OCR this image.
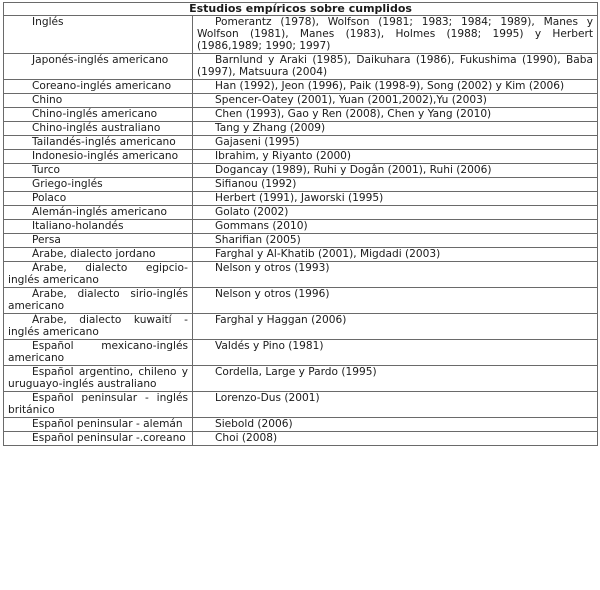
Estudios empíricos sobre cumplidos	
Inglés	Pomerantz (1978), Wolfson (1981; 1983; 1984; 1989), Manes y Wolfson (1981), Manes (1983), Holmes (1988; 1995) y Herbert (1986,1989; 1990; 1997)
Japonés-inglés americano	Barnlund y Araki (1985), Daikuhara (1986), Fukushima (1990), Baba (1997), Matsuura (2004)
Coreano-inglés americano	Han (1992), Jeon (1996), Paik (1998-9), Song (2002) y Kim (2006)
Chino	Spencer-Oatey (2001), Yuan (2001,2002),Yu (2003)
Chino-inglés americano	Chen (1993), Gao y Ren (2008), Chen y Yang (2010)
Chino-inglés australiano	Tang y Zhang (2009)
Tailandés-inglés americano	Gajaseni (1995)
Indonesio-inglés americano	Ibrahim, y Riyanto (2000)
Turco	Dogancay (1989), Ruhi y Dogân (2001), Ruhi (2006)
Griego-inglés	Sifianou (1992)
Polaco	Herbert (1991), Jaworski (1995)
Alemán-inglés americano	Golato (2002)
Italiano-holandés	Gommans (2010)
Persa	Sharifian (2005)
Árabe, dialecto jordano	Farghal y Al-Khatib (2001), Migdadi (2003)
Árabe, dialecto egipcio-inglés americano	Nelson y otros (1993)
Árabe, dialecto sirio-inglés americano	Nelson y otros (1996)
Árabe, dialecto kuwaití -inglés americano	Farghal y Haggan (2006)
Español mexicano-inglés americano	Valdés y Pino (1981)
Español argentino, chileno y uruguayo-inglés australiano	Cordella, Large y Pardo (1995)
Español peninsular - inglés británico	Lorenzo-Dus (2001)
Español peninsular - alemán	Siebold (2006)
Español peninsular -.coreano	Choi (2008)
